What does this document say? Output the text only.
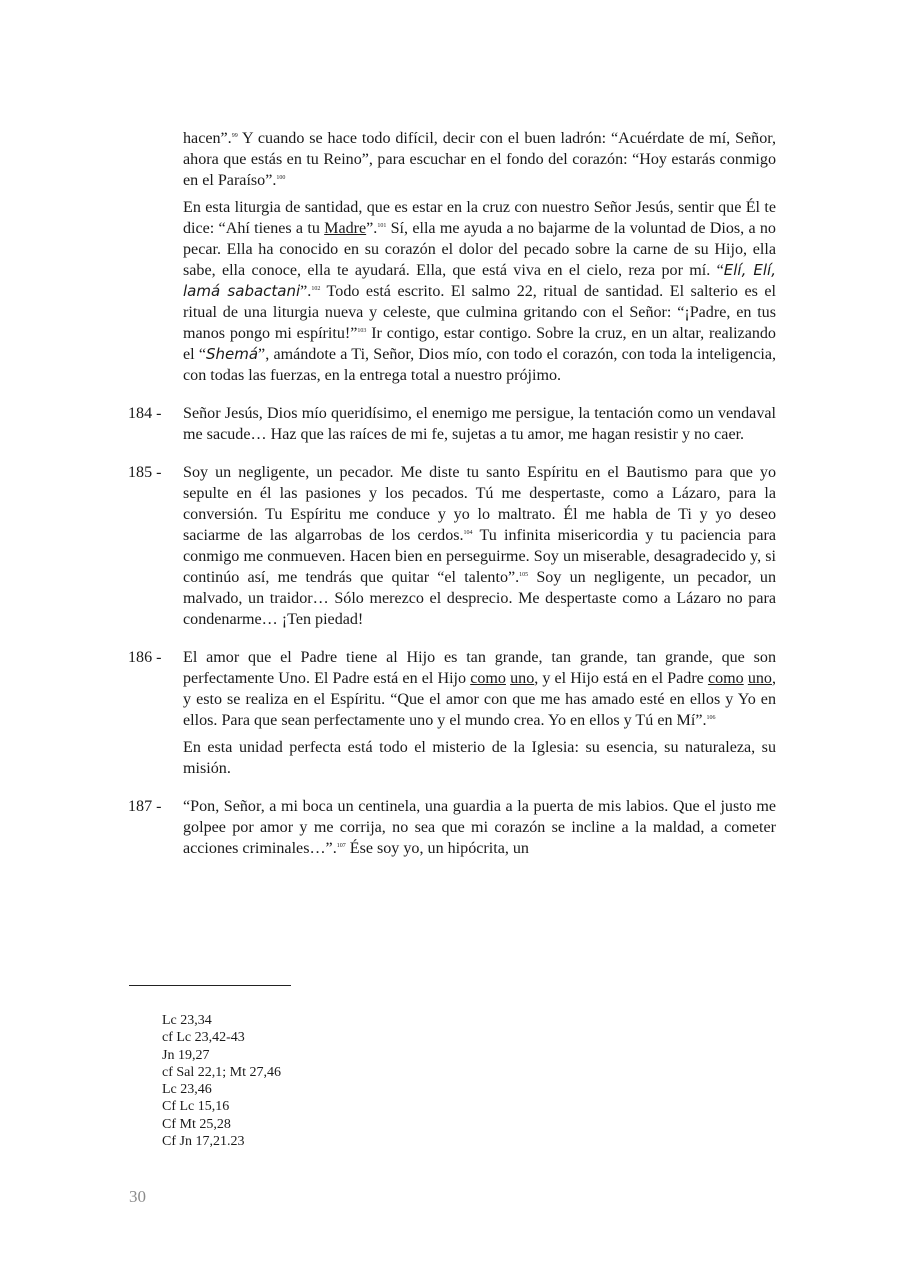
hacen”.$^{99}$ Y cuando se hace todo difícil, decir con el buen ladrón: “Acuérdate de mí, Señor, ahora que estás en tu Reino”, para escuchar en el fondo del corazón: “Hoy estarás conmigo en el Paraíso”.$^{100}$

En esta liturgia de santidad, que es estar en la cruz con nuestro Señor Jesús, sentir que Él te dice: “Ahí tienes a tu Madre”.$^{101}$ Sí, ella me ayuda a no bajarme de la voluntad de Dios, a no pecar. Ella ha conocido en su corazón el dolor del pecado sobre la carne de su Hijo, ella sabe, ella conoce, ella te ayudará. Ella, que está viva en el cielo, reza por mí. “Elí, Elí, lamá sabactani”.$^{102}$ Todo está escrito. El salmo 22, ritual de santidad. El salterio es el ritual de una liturgia nueva y celeste, que culmina gritando con el Señor: “¡Padre, en tus manos pongo mi espíritu!”$^{103}$ Ir contigo, estar contigo. Sobre la cruz, en un altar, realizando el “Shemá”, amándote a Ti, Señor, Dios mío, con todo el corazón, con toda la inteligencia, con todas las fuerzas, en la entrega total a nuestro prójimo.

184 - Señor Jesús, Dios mío queridísimo, el enemigo me persigue, la tentación como un vendaval me sacude… Haz que las raíces de mi fe, sujetas a tu amor, me hagan resistir y no caer.

185 - Soy un negligente, un pecador. Me diste tu santo Espíritu en el Bautismo para que yo sepulte en él las pasiones y los pecados. Tú me despertaste, como a Lázaro, para la conversión. Tu Espíritu me conduce y yo lo maltrato. Él me habla de Ti y yo deseo saciarme de las algarrobas de los cerdos.$^{104}$ Tu infinita misericordia y tu paciencia para conmigo me conmueven. Hacen bien en perseguirme. Soy un miserable, desagradecido y, si continúo así, me tendrás que quitar “el talento”.$^{105}$ Soy un negligente, un pecador, un malvado, un traidor… Sólo merezco el desprecio. Me despertaste como a Lázaro no para condenarme… ¡Ten piedad!

186 - El amor que el Padre tiene al Hijo es tan grande, tan grande, tan grande, que son perfectamente Uno. El Padre está en el Hijo como uno, y el Hijo está en el Padre como uno, y esto se realiza en el Espíritu. “Que el amor con que me has amado esté en ellos y Yo en ellos. Para que sean perfectamente uno y el mundo crea. Yo en ellos y Tú en Mí”.$^{106}$

En esta unidad perfecta está todo el misterio de la Iglesia: su esencia, su naturaleza, su misión.

187 - “Pon, Señor, a mi boca un centinela, una guardia a la puerta de mis labios. Que el justo me golpee por amor y me corrija, no sea que mi corazón se incline a la maldad, a cometer acciones criminales…”.$^{107}$ Ése soy yo, un hipócrita, un

Lc 23,34
cf Lc 23,42-43
Jn 19,27
cf Sal 22,1; Mt 27,46
Lc 23,46
Cf Lc 15,16
Cf Mt 25,28
Cf Jn 17,21.23
30
